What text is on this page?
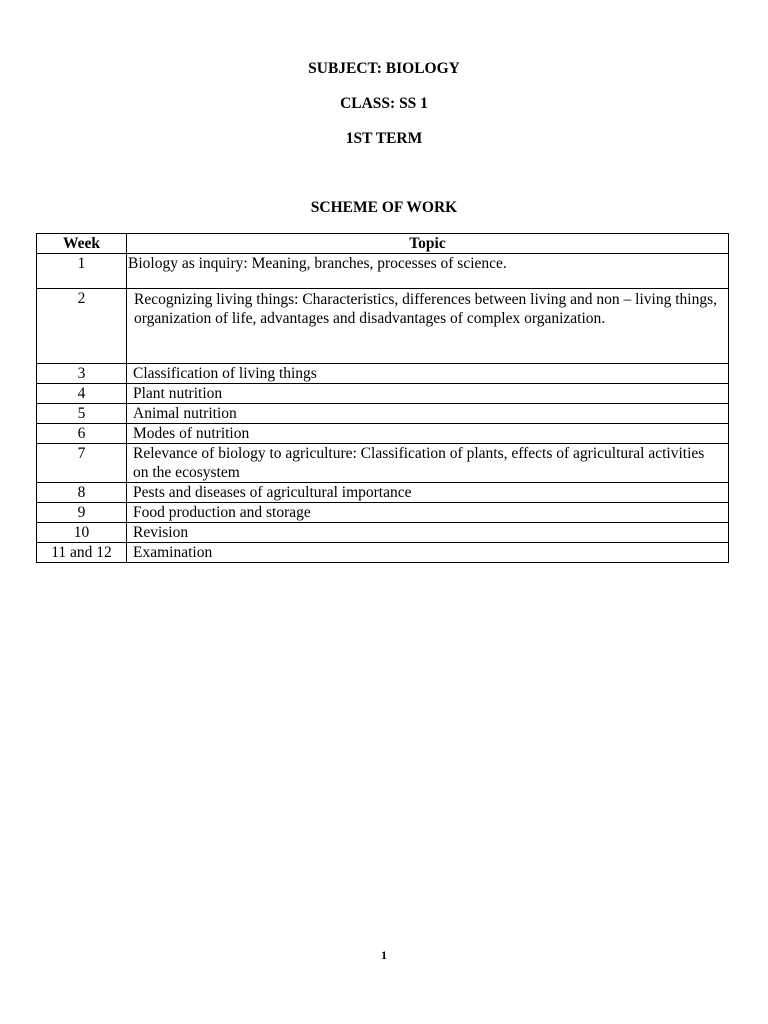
SUBJECT: BIOLOGY

CLASS: SS 1

1ST TERM

SCHEME OF WORK

Week	Topic
1	Biology as inquiry: Meaning, branches, processes of science.
2	Recognizing living things: Characteristics, differences between living and non – living things, organization of life, advantages and disadvantages of complex organization.
3	Classification of living things
4	Plant nutrition
5	Animal nutrition
6	Modes of nutrition
7	Relevance of biology to agriculture: Classification of plants, effects of agricultural activities on the ecosystem
8	Pests and diseases of agricultural importance
9	Food production and storage
10	Revision
11 and 12	Examination
1
